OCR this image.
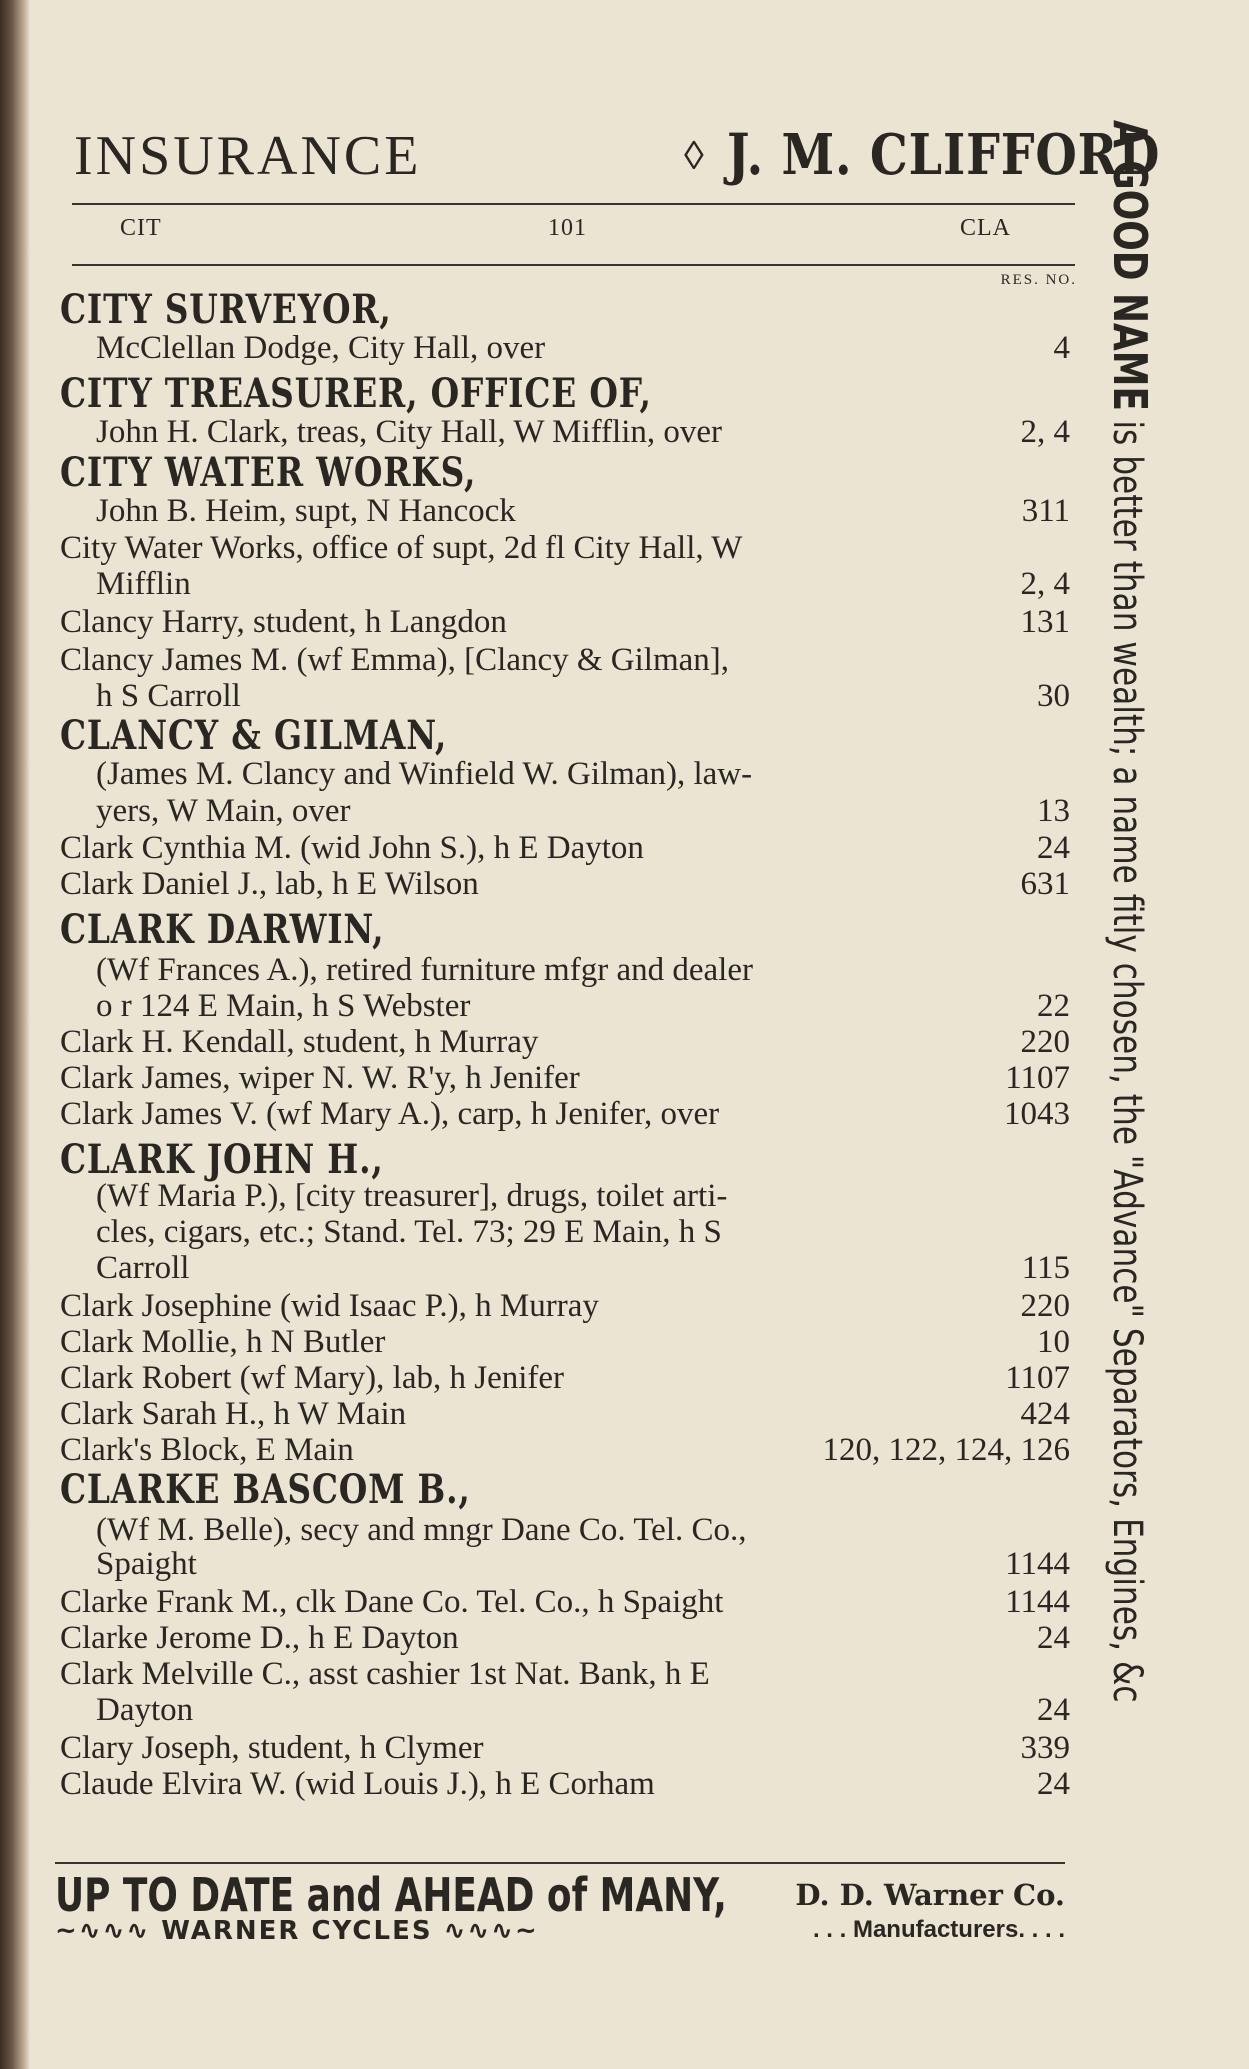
INSURANCE	◊ J. M. CLIFFORD
CIT	101	CLA
RES. NO.
CITY SURVEYOR,
McClellan Dodge, City Hall, over	4
CITY TREASURER, OFFICE OF,
John H. Clark, treas, City Hall, W Mifflin, over	2, 4
CITY WATER WORKS,
John B. Heim, supt, N Hancock	311
City Water Works, office of supt, 2d fl City Hall, W
Mifflin	2, 4
Clancy Harry, student, h Langdon	131
Clancy James M. (wf Emma), [Clancy & Gilman],
h S Carroll	30
CLANCY & GILMAN,
(James M. Clancy and Winfield W. Gilman), law-
yers, W Main, over	13
Clark Cynthia M. (wid John S.), h E Dayton	24
Clark Daniel J., lab, h E Wilson	631
CLARK DARWIN,
(Wf Frances A.), retired furniture mfgr and dealer
o r 124 E Main, h S Webster	22
Clark H. Kendall, student, h Murray	220
Clark James, wiper N. W. R'y, h Jenifer	1107
Clark James V. (wf Mary A.), carp, h Jenifer, over	1043
CLARK JOHN H.,
(Wf Maria P.), [city treasurer], drugs, toilet arti-
cles, cigars, etc.; Stand. Tel. 73; 29 E Main, h S
Carroll	115
Clark Josephine (wid Isaac P.), h Murray	220
Clark Mollie, h N Butler	10
Clark Robert (wf Mary), lab, h Jenifer	1107
Clark Sarah H., h W Main	424
Clark's Block, E Main	120, 122, 124, 126
CLARKE BASCOM B.,
(Wf M. Belle), secy and mngr Dane Co. Tel. Co.,
Spaight	1144
Clarke Frank M., clk Dane Co. Tel. Co., h Spaight	1144
Clarke Jerome D., h E Dayton	24
Clark Melville C., asst cashier 1st Nat. Bank, h E
Dayton	24
Clary Joseph, student, h Clymer	339
Claude Elvira W. (wid Louis J.), h E Corham	24
UP TO DATE and AHEAD of MANY, D. D. Warner Co.
~∿∿∿ WARNER CYCLES ∿∿∿~	. . . Manufacturers. . . .
A GOOD NAMEis better than wealth; a name fitly chosen, the "Advance" Separators, Engines, &c
